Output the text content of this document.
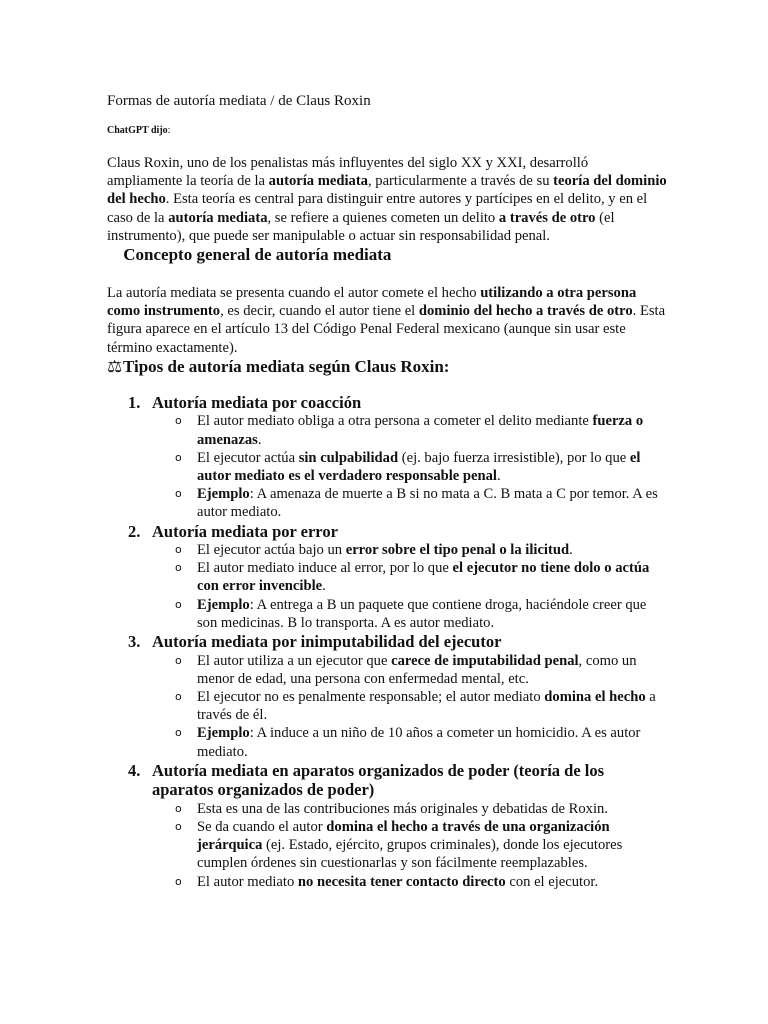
Formas de autoría mediata / de Claus Roxin

ChatGPT dijo:

Claus Roxin, uno de los penalistas más influyentes del siglo XX y XXI, desarrolló ampliamente la teoría de la autoría mediata, particularmente a través de su teoría del dominio del hecho. Esta teoría es central para distinguir entre autores y partícipes en el delito, y en el caso de la autoría mediata, se refiere a quienes cometen un delito a través de otro (el instrumento), que puede ser manipulable o actuar sin responsabilidad penal.

Concepto general de autoría mediata

La autoría mediata se presenta cuando el autor comete el hecho utilizando a otra persona como instrumento, es decir, cuando el autor tiene el dominio del hecho a través de otro. Esta figura aparece en el artículo 13 del Código Penal Federal mexicano (aunque sin usar este término exactamente).

⚖ Tipos de autoría mediata según Claus Roxin:
1. Autoría mediata por coacción
o El autor mediato obliga a otra persona a cometer el delito mediante fuerza o amenazas.
o El ejecutor actúa sin culpabilidad (ej. bajo fuerza irresistible), por lo que el autor mediato es el verdadero responsable penal.
o Ejemplo: A amenaza de muerte a B si no mata a C. B mata a C por temor. A es autor mediato.
2. Autoría mediata por error
o El ejecutor actúa bajo un error sobre el tipo penal o la ilicitud.
o El autor mediato induce al error, por lo que el ejecutor no tiene dolo o actúa con error invencible.
o Ejemplo: A entrega a B un paquete que contiene droga, haciéndole creer que son medicinas. B lo transporta. A es autor mediato.
3. Autoría mediata por inimputabilidad del ejecutor
o El autor utiliza a un ejecutor que carece de imputabilidad penal, como un menor de edad, una persona con enfermedad mental, etc.
o El ejecutor no es penalmente responsable; el autor mediato domina el hecho a través de él.
o Ejemplo: A induce a un niño de 10 años a cometer un homicidio. A es autor mediato.
4. Autoría mediata en aparatos organizados de poder (teoría de los aparatos organizados de poder)
o Esta es una de las contribuciones más originales y debatidas de Roxin.
o Se da cuando el autor domina el hecho a través de una organización jerárquica (ej. Estado, ejército, grupos criminales), donde los ejecutores cumplen órdenes sin cuestionarlas y son fácilmente reemplazables.
o El autor mediato no necesita tener contacto directo con el ejecutor.
